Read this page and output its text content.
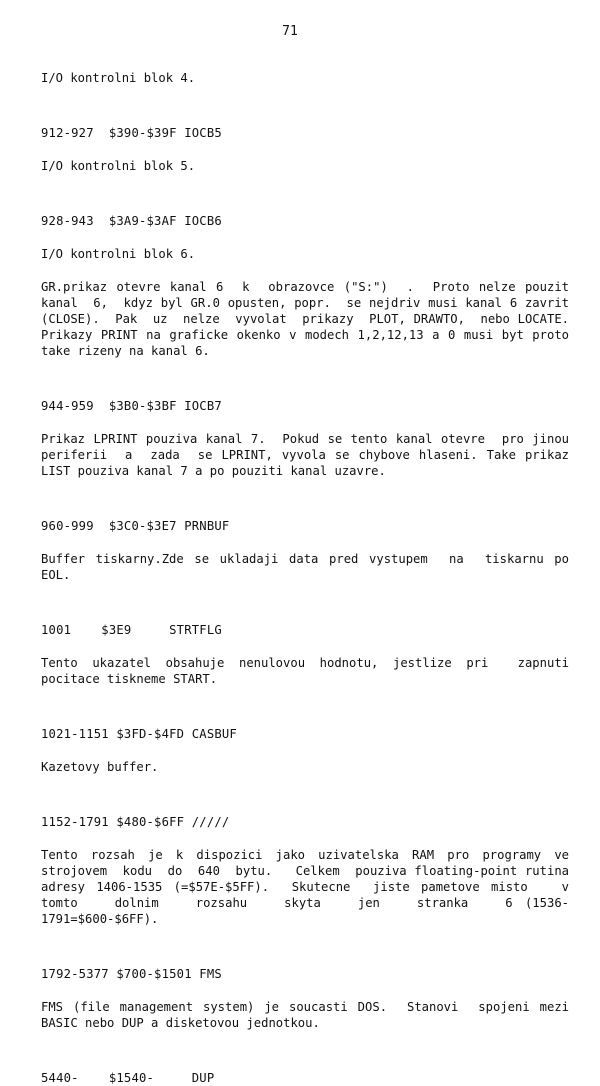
71

I/O kontrolni blok 4.

912-927  $390-$39F IOCB5

I/O kontrolni blok 5.

928-943  $3A9-$3AF IOCB6

I/O kontrolni blok 6.

GR.prikaz otevre kanal 6  k  obrazovce ("S:")  .  Proto nelze pouzit  kanal  6,  kdyz byl GR.0 opusten, popr.  se nejdriv musi kanal 6 zavrit (CLOSE).  Pak  uz  nelze  vyvolat  prikazy  PLOT, DRAWTO,  nebo LOCATE.  Prikazy PRINT na graficke okenko v modech 1,2,12,13 a 0 musi byt proto take rizeny na kanal 6.

944-959  $3B0-$3BF IOCB7

Prikaz LPRINT pouziva kanal 7.  Pokud se tento kanal otevre  pro jinou  periferii  a  zada  se LPRINT, vyvola se chybove hlaseni. Take prikaz LIST pouziva kanal 7 a po pouziti kanal uzavre.

960-999  $3C0-$3E7 PRNBUF

Buffer tiskarny.Zde se ukladaji data pred vystupem  na  tiskarnu po EOL.

1001    $3E9     STRTFLG

Tento ukazatel obsahuje nenulovou hodnotu, jestlize pri  zapnuti pocitace tiskneme START.

1021-1151 $3FD-$4FD CASBUF

Kazetovy buffer.

1152-1791 $480-$6FF /////

Tento rozsah je k dispozici jako uzivatelska RAM pro programy ve strojovem  kodu  do  640  bytu.   Celkem  pouziva floating-point rutina adresy 1406-1535 (=$57E-$5FF).  Skutecne  jiste pametove misto   v   tomto   dolnim   rozsahu   skyta   jen   stranka   6 (1536-1791=$600-$6FF).

1792-5377 $700-$1501 FMS

FMS (file management system) je soucasti DOS.  Stanovi  spojeni mezi BASIC nebo DUP a disketovou jednotkou.

5440-    $1540-     DUP
